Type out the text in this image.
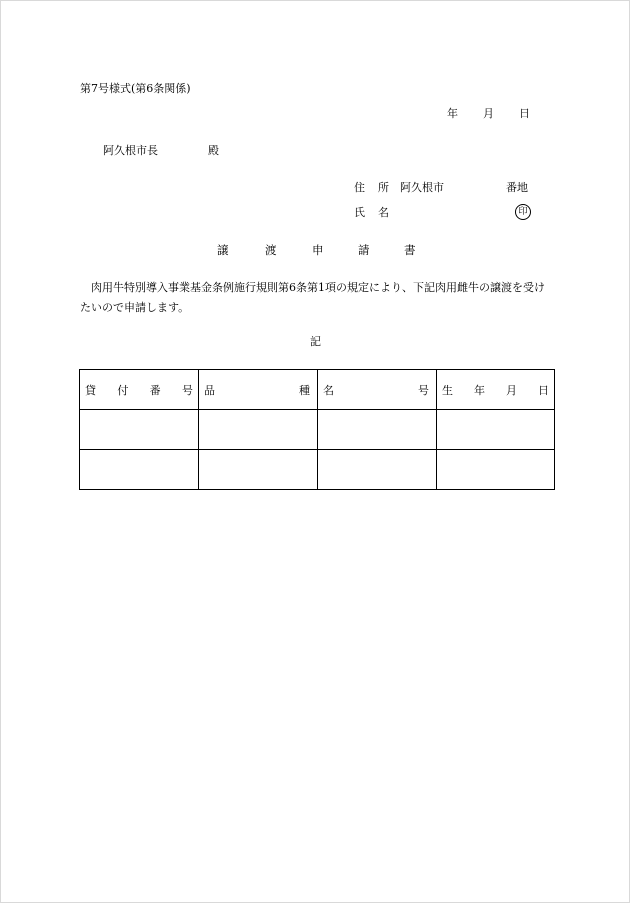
第7号様式(第6条関係)
年 月 日
阿久根市長	殿
住 所 阿久根市	番地
氏 名	印
譲	渡	申	請	書
肉用牛特別導入事業基金条例施行規則第6条第1項の規定により、下記肉用雌牛の譲渡を受けたいので申請します。
記
貸 付 番 号	品 種	名 号	生 年 月 日
